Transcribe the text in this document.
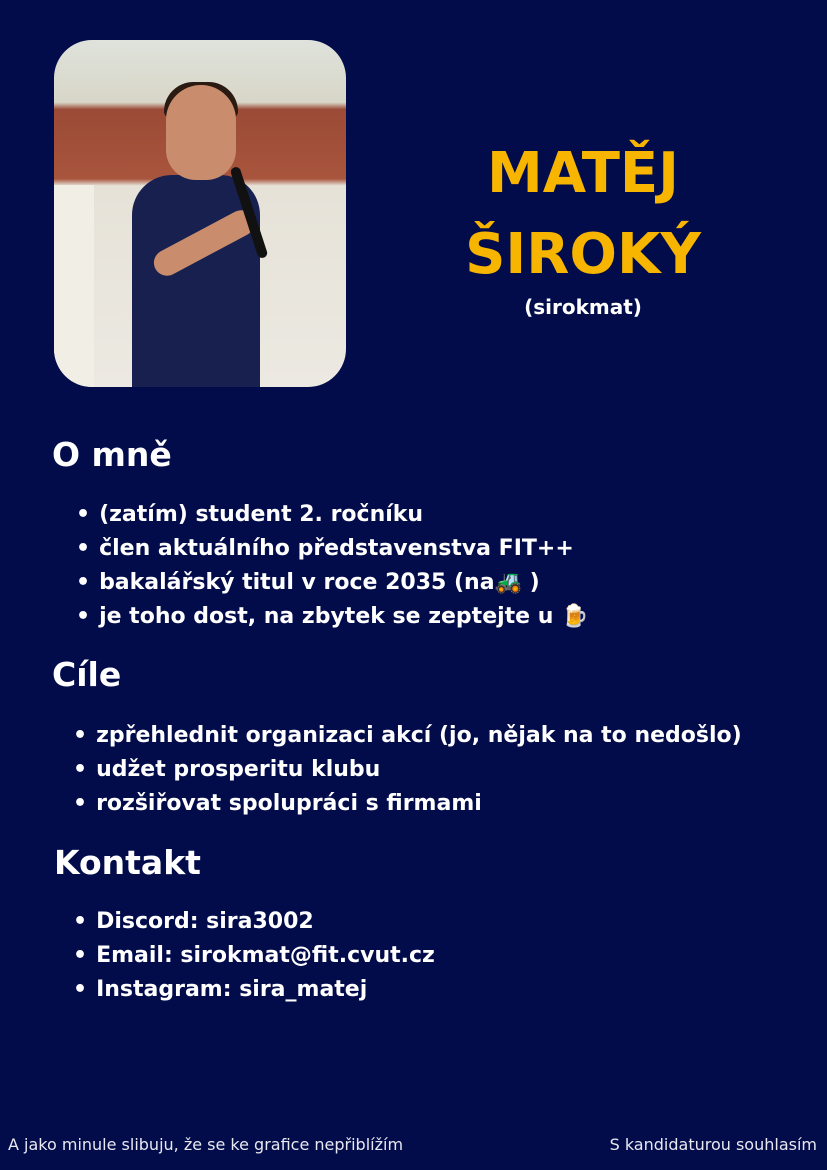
MATĚJ
ŠIROKÝ
(sirokmat)
O mně
• (zatím) student 2. ročníku
• člen aktuálního představenstva FIT++
• bakalářský titul v roce 2035 (na🚜 )
• je toho dost, na zbytek se zeptejte u 🍺
Cíle
• zpřehlednit organizaci akcí (jo, nějak na to nedošlo)
• udžet prosperitu klubu
• rozšiřovat spolupráci s firmami
Kontakt
• Discord: sira3002
• Email: sirokmat@fit.cvut.cz
• Instagram: sira_matej
A jako minule slibuju, že se ke grafice nepřiblížím	S kandidaturou souhlasím
